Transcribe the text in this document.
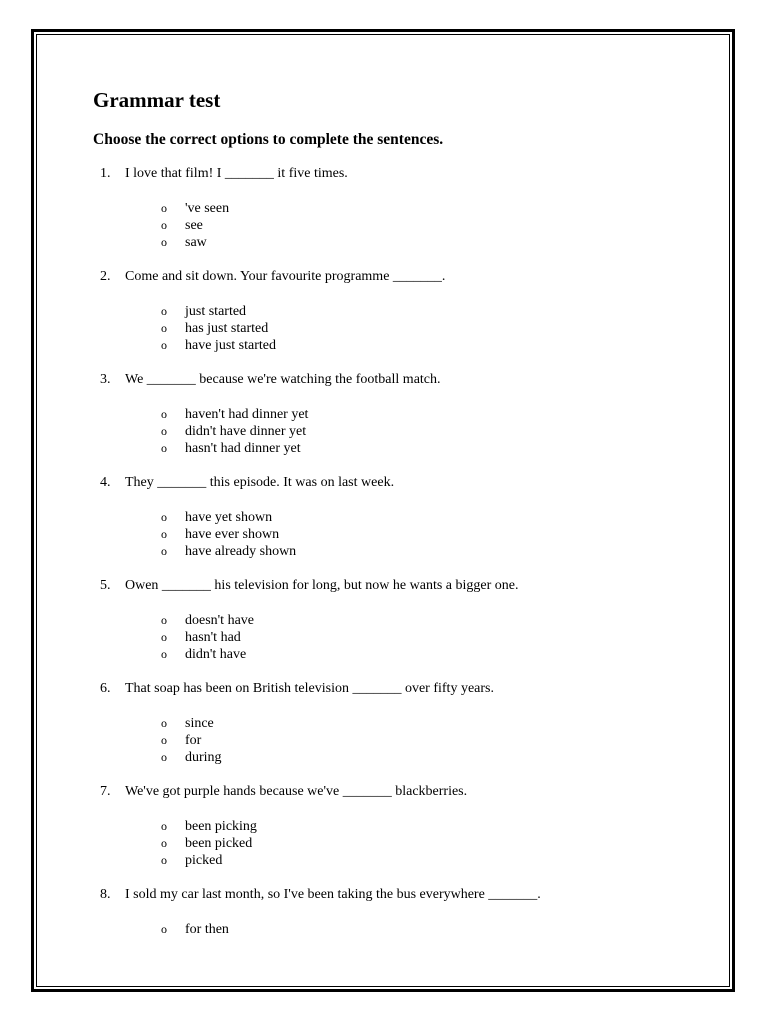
Grammar test
Choose the correct options to complete the sentences.
1.	I love that film! I _______ it five times.
o 've seen
o see
o saw
2.	Come and sit down. Your favourite programme _______.
o just started
o has just started
o have just started
3.	We _______ because we're watching the football match.
o haven't had dinner yet
o didn't have dinner yet
o hasn't had dinner yet
4.	They _______ this episode. It was on last week.
o have yet shown
o have ever shown
o have already shown
5.	Owen _______ his television for long, but now he wants a bigger one.
o doesn't have
o hasn't had
o didn't have
6.	That soap has been on British television _______ over fifty years.
o since
o for
o during
7.	We've got purple hands because we've _______ blackberries.
o been picking
o been picked
o picked
8.	I sold my car last month, so I've been taking the bus everywhere _______.
o for then
